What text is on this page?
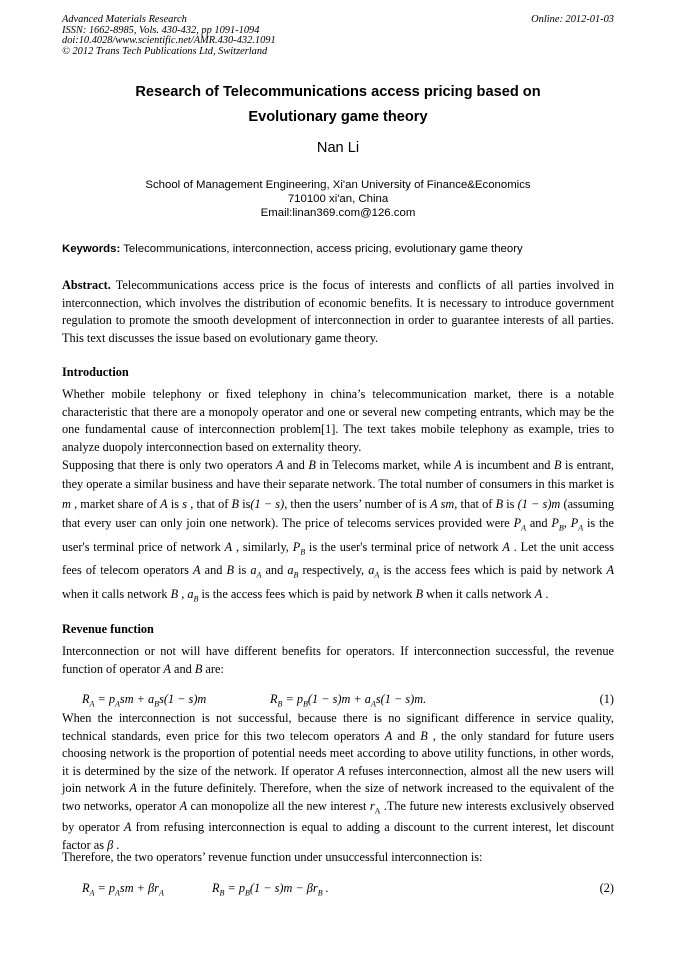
Advanced Materials Research
ISSN: 1662-8985, Vols. 430-432, pp 1091-1094
doi:10.4028/www.scientific.net/AMR.430-432.1091
© 2012 Trans Tech Publications Ltd, Switzerland
Online: 2012-01-03
Research of Telecommunications access pricing based on
Evolutionary game theory
Nan Li
School of Management Engineering, Xi'an University of Finance&Economics
710100 xi'an, China
Email:linan369.com@126.com
Keywords: Telecommunications, interconnection, access pricing, evolutionary game theory
Abstract. Telecommunications access price is the focus of interests and conflicts of all parties involved in interconnection, which involves the distribution of economic benefits. It is necessary to introduce government regulation to promote the smooth development of interconnection in order to guarantee interests of all parties. This text discusses the issue based on evolutionary game theory.
Introduction
Whether mobile telephony or fixed telephony in china’s telecommunication market, there is a notable characteristic that there are a monopoly operator and one or several new competing entrants, which may be the one fundamental cause of interconnection problem[1]. The text takes mobile telephony as example, tries to analyze duopoly interconnection based on externality theory.
Supposing that there is only two operators A and B in Telecoms market, while A is incumbent and B is entrant, they operate a similar business and have their separate network. The total number of consumers in this market is m , market share of A is s , that of B is(1 − s), then the users’ number of is A sm, that of B is (1 − s)m (assuming that every user can only join one network). The price of telecoms services provided were $P_A$ and $P_B$, $P_A$ is the user's terminal price of network A , similarly, $P_B$ is the user's terminal price of network A . Let the unit access fees of telecom operators A and B is $a_A$ and $a_B$ respectively, $a_A$ is the access fees which is paid by network A when it calls network B , $a_B$ is the access fees which is paid by network B when it calls network A .
Revenue function
Interconnection or not will have different benefits for operators. If interconnection successful, the revenue function of operator A and B are:
$R_A = p_Asm + a_Bs(1 - s)m$	$R_B = p_B(1 - s)m + a_As(1 - s)m$.	(1)
When the interconnection is not successful, because there is no significant difference in service quality, technical standards, even price for this two telecom operators A and B , the only standard for future users choosing network is the proportion of potential needs meet according to above utility functions, in other words, it is determined by the size of the network. If operator A refuses interconnection, almost all the new users will join network A in the future definitely. Therefore, when the size of network increased to the equivalent of the two networks, operator A can monopolize all the new interest $r_A$ .The future new interests exclusively observed by operator A from refusing interconnection is equal to adding a discount to the current interest, let discount factor as β .
Therefore, the two operators’ revenue function under unsuccessful interconnection is:
$R_A = p_Asm + \beta r_A$	$R_B = p_B(1 - s)m - \beta r_B$ .	(2)
